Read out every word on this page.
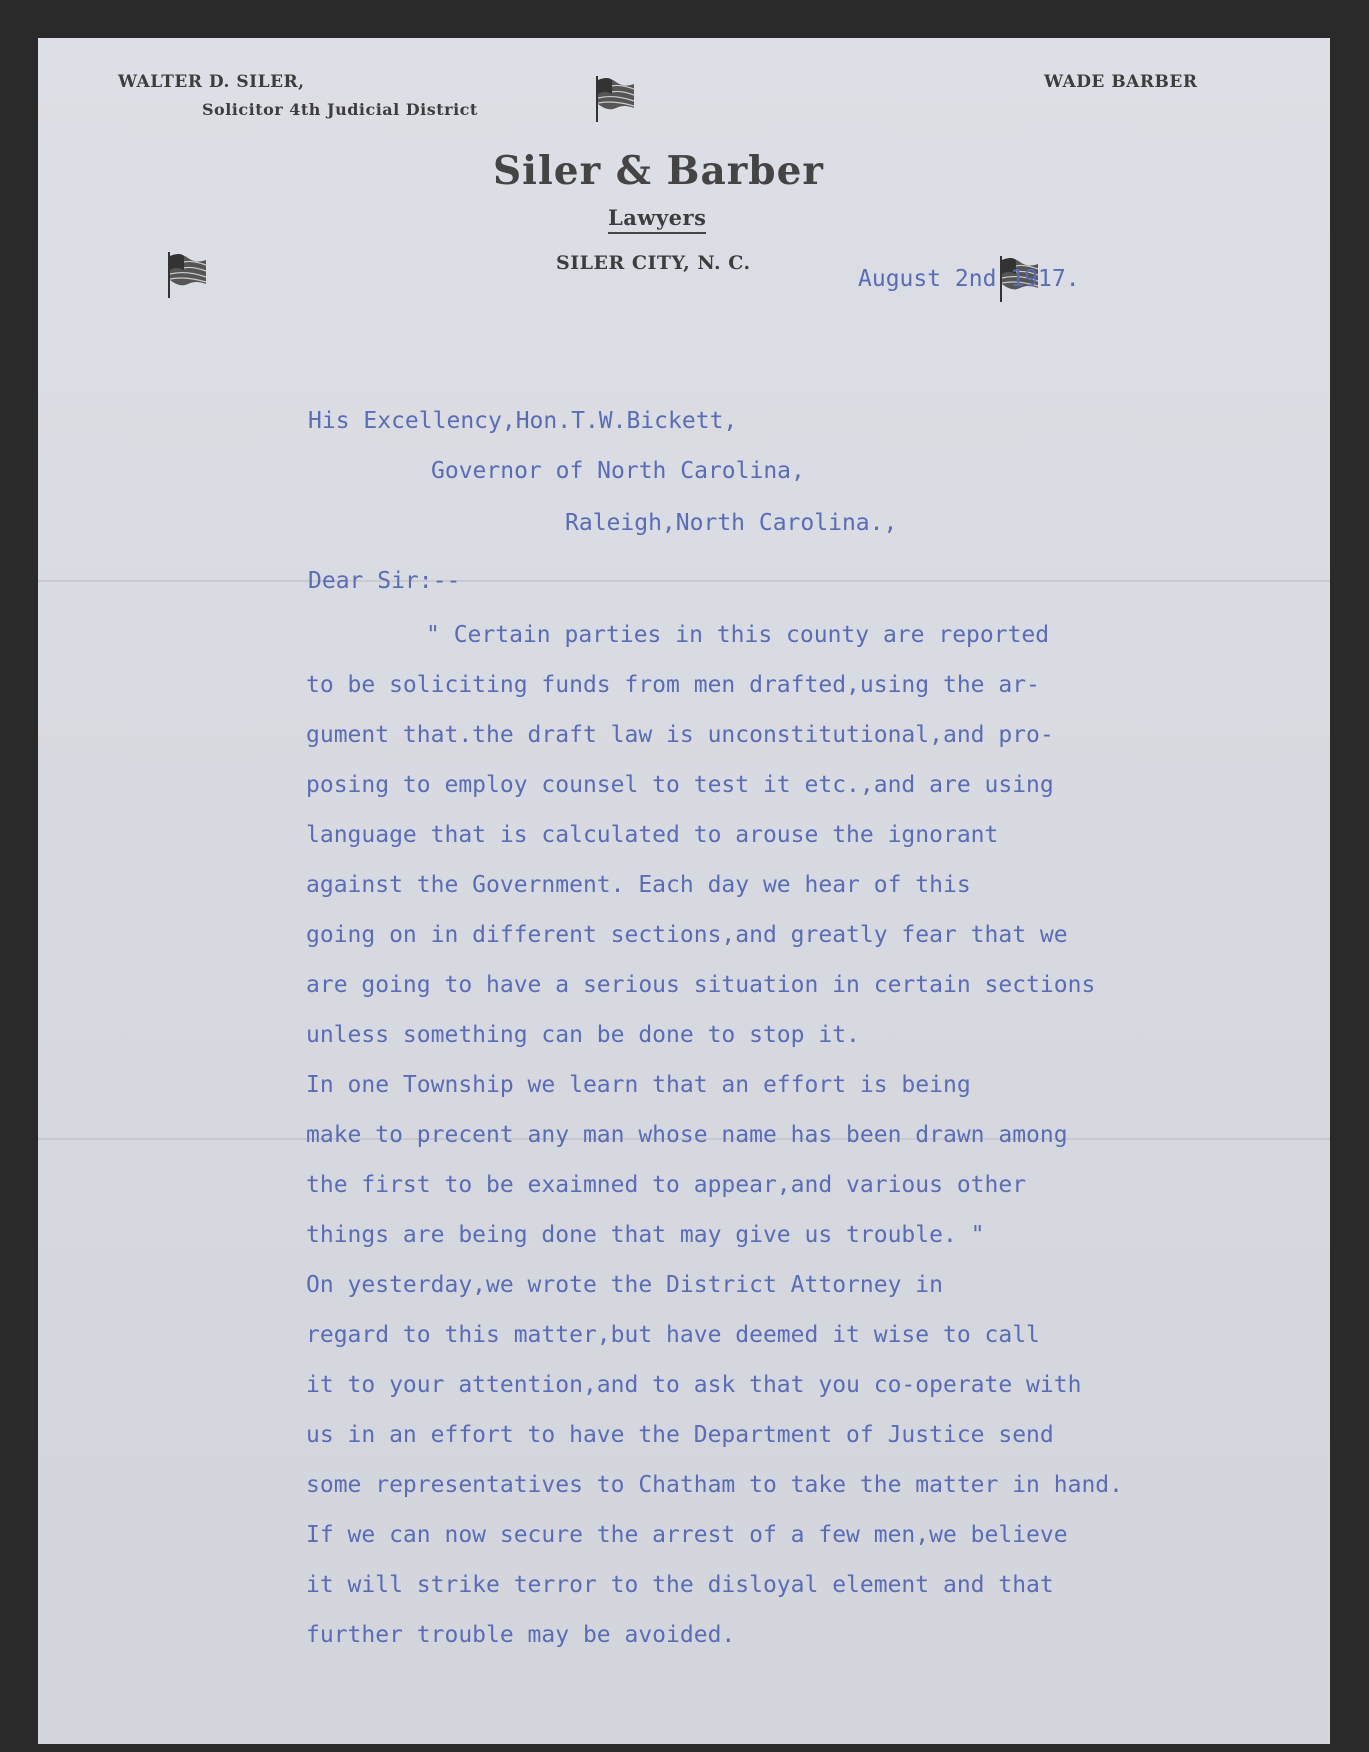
WALTER D. SILER,
Solicitor 4th Judicial District
WADE BARBER
Siler & Barber
Lawyers
SILER CITY, N. C.
August 2nd 1917.
His Excellency,Hon.T.W.Bickett,
Governor of North Carolina,
Raleigh,North Carolina.,
Dear Sir:--
" Certain parties in this county are reported
to be soliciting funds from men drafted,using the ar-
gument that.the draft law is unconstitutional,and pro-
posing to employ counsel to test it etc.,and are using
language that is calculated to arouse the ignorant
against the Government. Each day we hear of this
going on in different sections,and greatly fear that we
are going to have a serious situation in certain sections
unless something can be done to stop it.
In one Township we learn that an effort is being
make to precent any man whose name has been drawn among
the first to be exaimned to appear,and various other
things are being done that may give us trouble. "
On yesterday,we wrote the District Attorney in
regard to this matter,but have deemed it wise to call
it to your attention,and to ask that you co-operate with
us in an effort to have the Department of Justice send
some representatives to Chatham to take the matter in hand.
If we can now secure the arrest of a few men,we believe
it will strike terror to the disloyal element and that
further trouble may be avoided.
